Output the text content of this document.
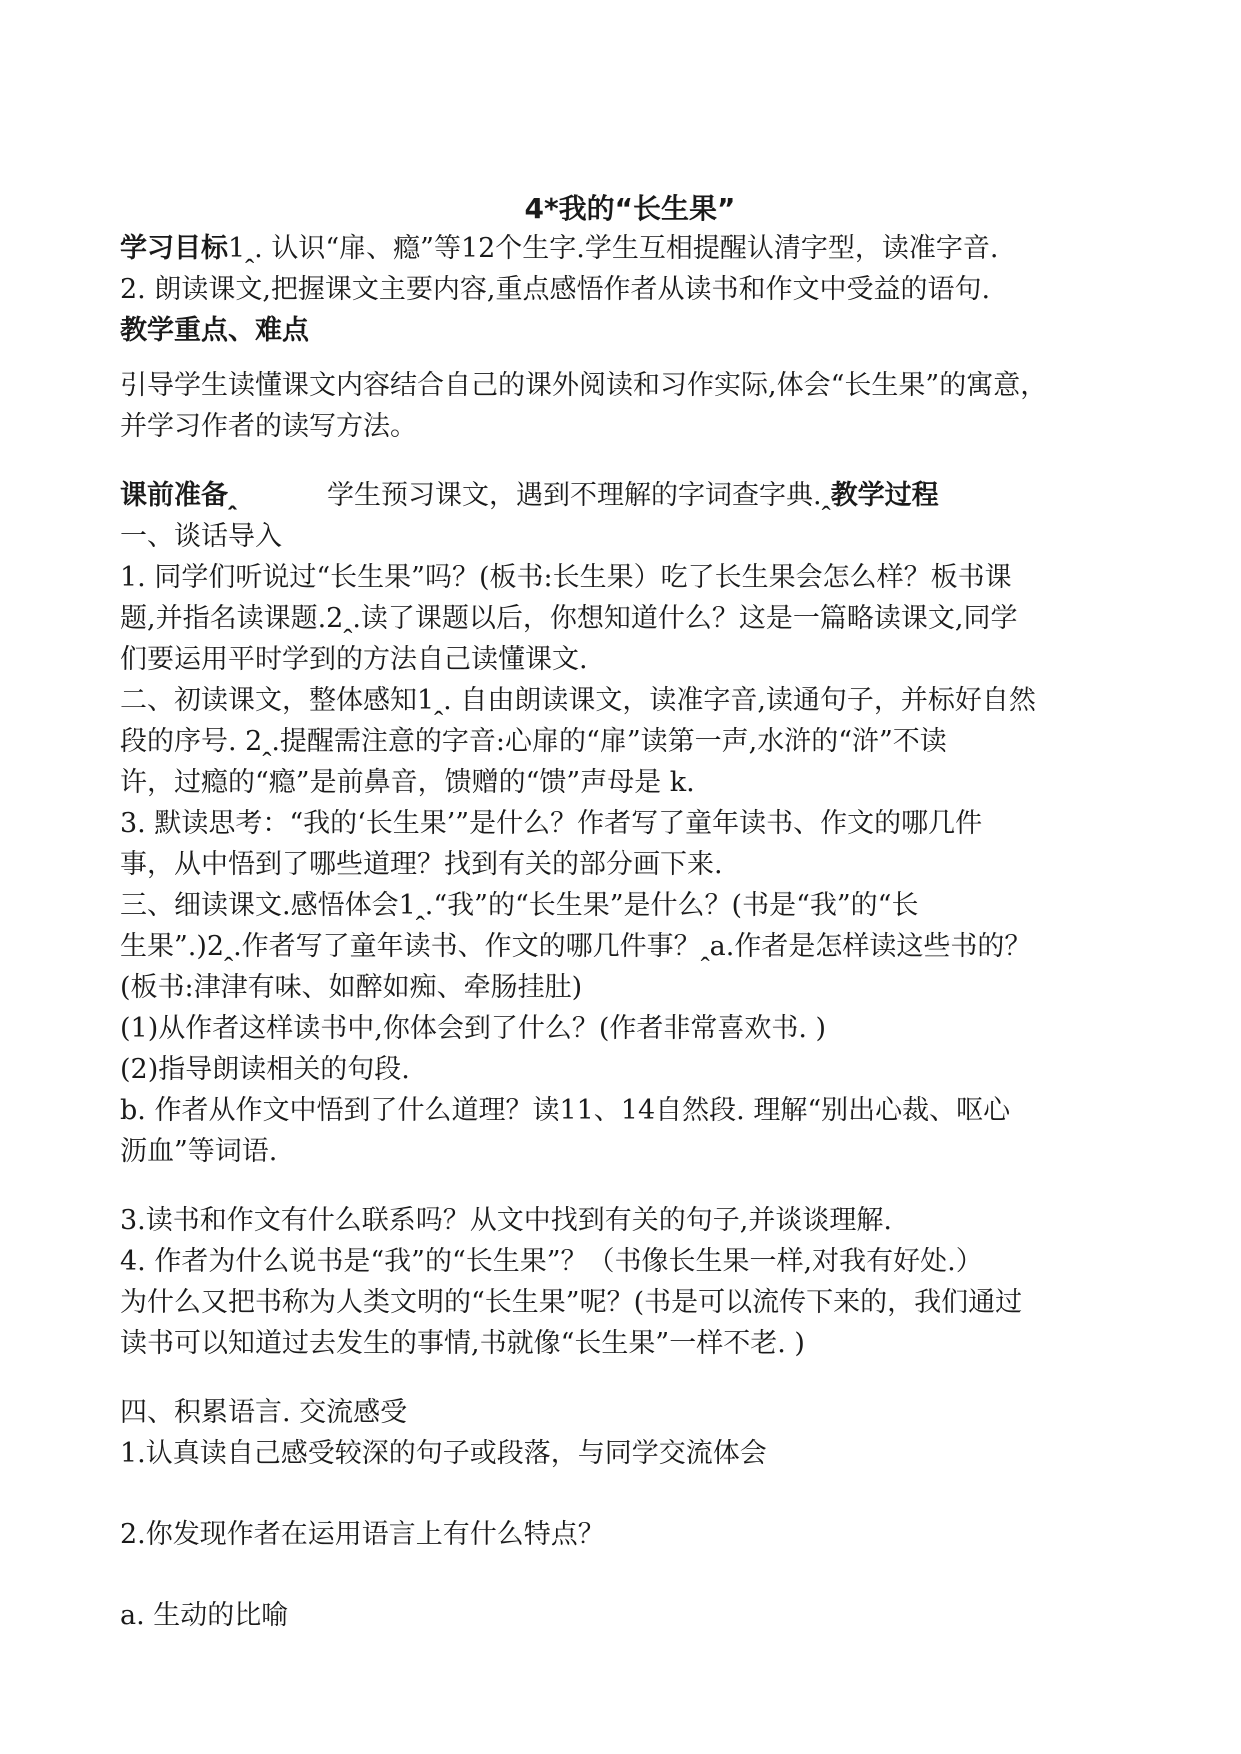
4*我的“长生果”
学习目标1ꞈ. 认识“扉、瘾”等12个生字.学生互相提醒认清字型，读准字音.
2. 朗读课文,把握课文主要内容,重点感悟作者从读书和作文中受益的语句.
教学重点、难点
引导学生读懂课文内容结合自己的课外阅读和习作实际,体会“长生果”的寓意，
并学习作者的读写方法。
课前准备ꞈ	学生预习课文，遇到不理解的字词查字典.ꞈ教学过程
一、谈话导入
1. 同学们听说过“长生果”吗？(板书:长生果）吃了长生果会怎么样？板书课
题,并指名读课题.2ꞈ.读了课题以后，你想知道什么？这是一篇略读课文,同学
们要运用平时学到的方法自己读懂课文.
二、初读课文，整体感知1ꞈ. 自由朗读课文，读准字音,读通句子，并标好自然
段的序号. 2ꞈ.提醒需注意的字音:心扉的“扉”读第一声,水浒的“浒”不读
许，过瘾的“瘾”是前鼻音，馈赠的“馈”声母是 k.
3. 默读思考：“我的‘长生果’”是什么？作者写了童年读书、作文的哪几件
事，从中悟到了哪些道理？找到有关的部分画下来.
三、细读课文.感悟体会1ꞈ.“我”的“长生果”是什么？(书是“我”的“长
生果”.)2ꞈ.作者写了童年读书、作文的哪几件事？ꞈa.作者是怎样读这些书的？
(板书:津津有味、如醉如痴、牵肠挂肚)
(1)从作者这样读书中,你体会到了什么？(作者非常喜欢书. )
(2)指导朗读相关的句段.
b. 作者从作文中悟到了什么道理？读11、14自然段. 理解“别出心裁、呕心
沥血”等词语.
3.读书和作文有什么联系吗？从文中找到有关的句子,并谈谈理解.
4. 作者为什么说书是“我”的“长生果”？（书像长生果一样,对我有好处.）
为什么又把书称为人类文明的“长生果”呢？(书是可以流传下来的，我们通过
读书可以知道过去发生的事情,书就像“长生果”一样不老. )
四、积累语言. 交流感受
1.认真读自己感受较深的句子或段落，与同学交流体会
2.你发现作者在运用语言上有什么特点？
a. 生动的比喻
